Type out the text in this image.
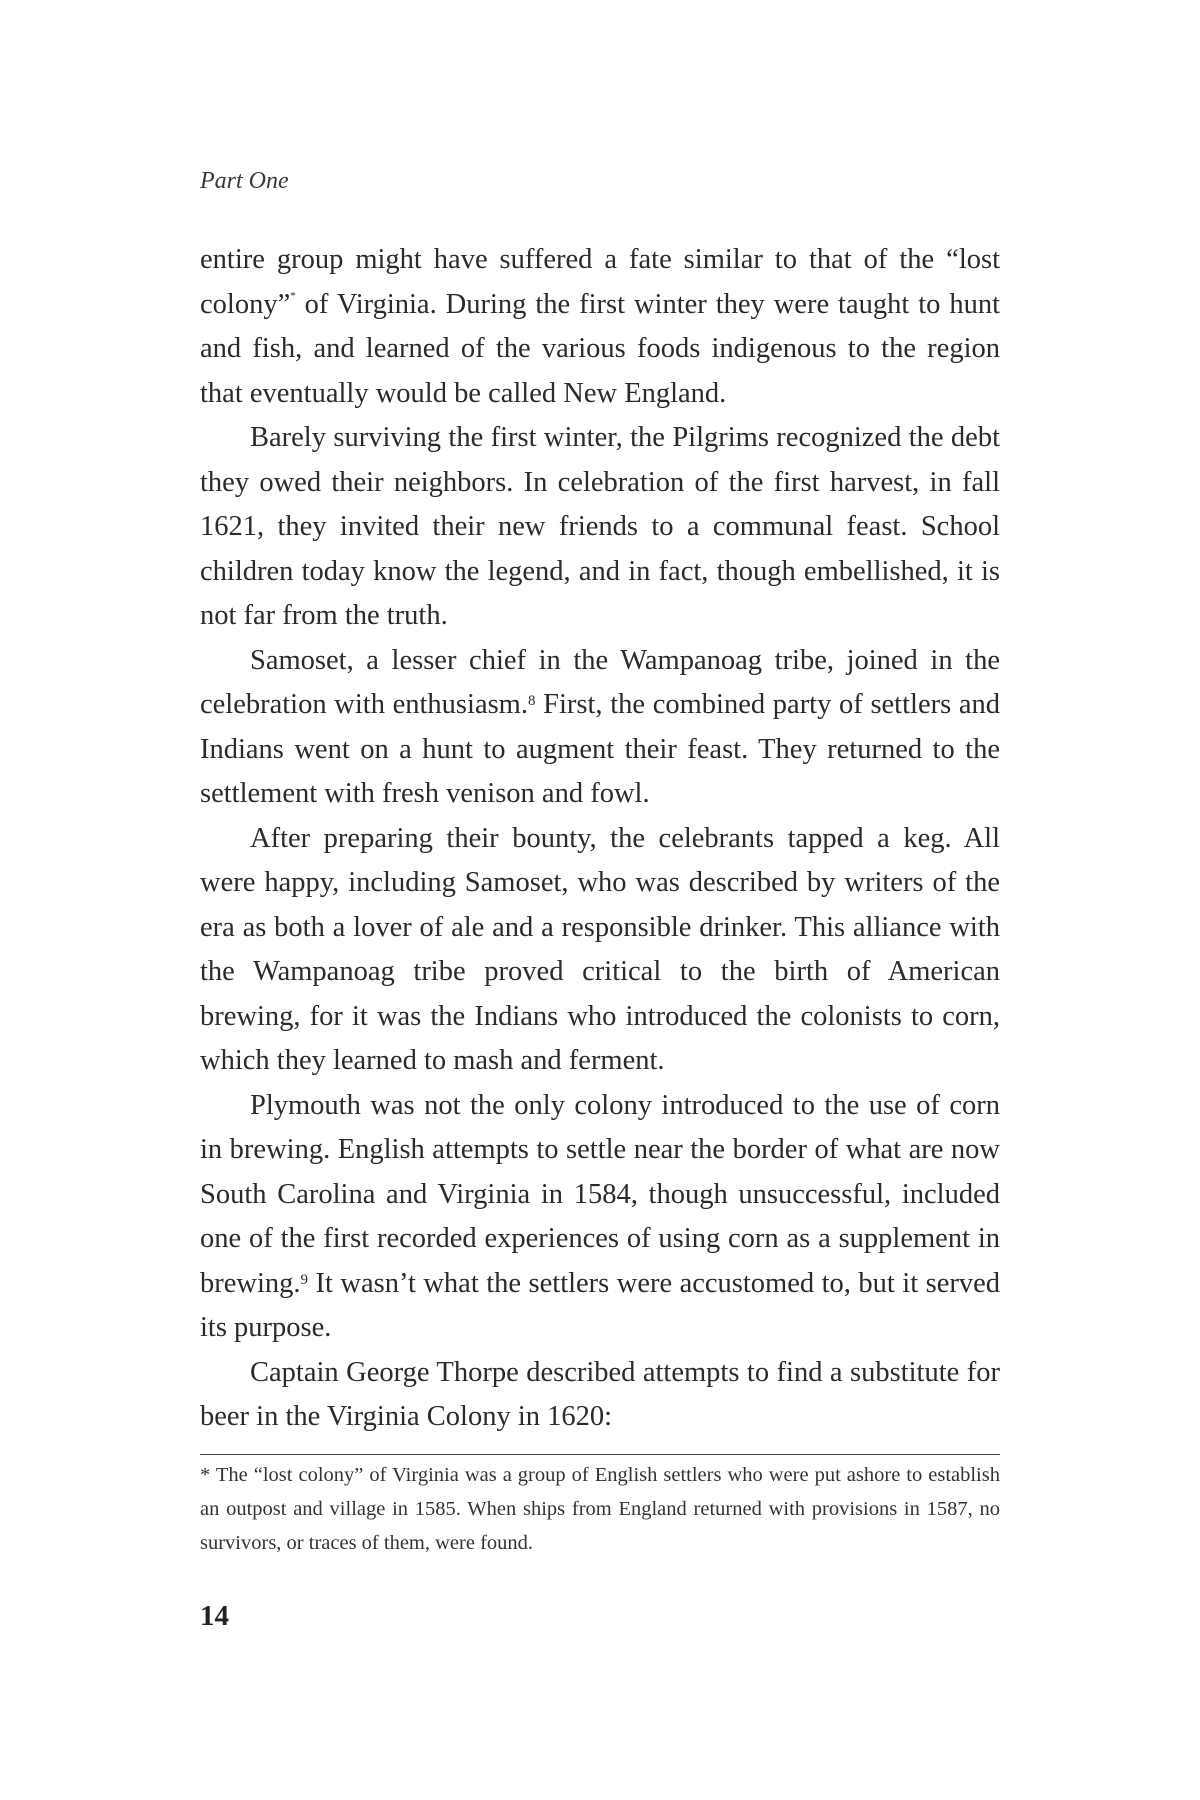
Part One

entire group might have suffered a fate similar to that of the “lost colony”* of Virginia. During the first winter they were taught to hunt and fish, and learned of the various foods indigenous to the region that eventually would be called New England.

Barely surviving the first winter, the Pilgrims recognized the debt they owed their neighbors. In celebration of the first harvest, in fall 1621, they invited their new friends to a communal feast. School children today know the legend, and in fact, though embellished, it is not far from the truth.

Samoset, a lesser chief in the Wampanoag tribe, joined in the celebration with enthusiasm.$^8$ First, the combined party of settlers and Indians went on a hunt to augment their feast. They returned to the settlement with fresh venison and fowl.

After preparing their bounty, the celebrants tapped a keg. All were happy, including Samoset, who was described by writers of the era as both a lover of ale and a responsible drinker. This alliance with the Wampanoag tribe proved critical to the birth of American brewing, for it was the Indians who introduced the colonists to corn, which they learned to mash and ferment.

Plymouth was not the only colony introduced to the use of corn in brewing. English attempts to settle near the border of what are now South Carolina and Virginia in 1584, though unsuccessful, included one of the first recorded experiences of using corn as a supplement in brewing.$^9$ It wasn’t what the settlers were accustomed to, but it served its purpose.

Captain George Thorpe described attempts to find a substitute for beer in the Virginia Colony in 1620:

* The “lost colony” of Virginia was a group of English settlers who were put ashore to establish an outpost and village in 1585. When ships from England returned with provisions in 1587, no survivors, or traces of them, were found.
14
